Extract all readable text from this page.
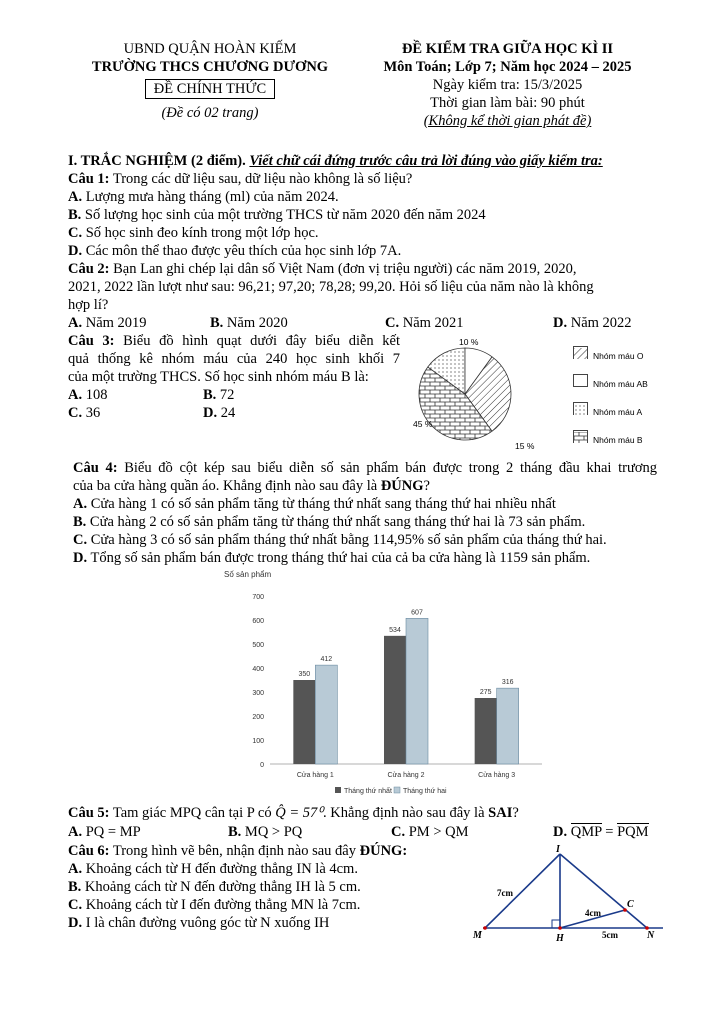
UBND QUẬN HOÀN KIẾM
TRƯỜNG THCS CHƯƠNG DƯƠNG
ĐỀ CHÍNH THỨC
(Đề có 02 trang)
ĐỀ KIỂM TRA GIỮA HỌC KÌ II
Môn Toán; Lớp 7; Năm học 2024 – 2025
Ngày kiểm tra: 15/3/2025
Thời gian làm bài: 90 phút
(Không kể thời gian phát đề)
I. TRẮC NGHIỆM (2 điểm). Viết chữ cái đứng trước câu trả lời đúng vào giấy kiểm tra:
Câu 1: Trong các dữ liệu sau, dữ liệu nào không là số liệu?
A. Lượng mưa hàng tháng (ml) của năm 2024.
B. Số lượng học sinh của một trường THCS từ năm 2020 đến năm 2024
C. Số học sinh đeo kính trong một lớp học.
D. Các môn thể thao được yêu thích của học sinh lớp 7A.
Câu 2: Bạn Lan ghi chép lại dân số Việt Nam (đơn vị triệu người) các năm 2019, 2020,
2021, 2022 lần lượt như sau: 96,21; 97,20; 78,28; 99,20. Hỏi số liệu của năm nào là không
hợp lí?
A. Năm 2019	B. Năm 2020	C. Năm 2021	D. Năm 2022
Câu 3: Biểu đồ hình quạt dưới đây biểu diễn kết
quả thống kê nhóm máu của 240 học sinh khối 7
của một trường THCS. Số học sinh nhóm máu B là:
A. 108	B. 72
C. 36	D. 24
10 %
45 %
15 %
Nhóm máu O
Nhóm máu AB
Nhóm máu A
Nhóm máu B
Câu 4: Biểu đồ cột kép sau biểu diễn số sản phẩm bán được trong 2 tháng đầu khai trương
của ba cửa hàng quần áo. Khẳng định nào sau đây là ĐÚNG?
A. Cửa hàng 1 có số sản phẩm tăng từ tháng thứ nhất sang tháng thứ hai nhiều nhất
B. Cửa hàng 2 có số sản phẩm tăng từ tháng thứ nhất sang tháng thứ hai là 73 sản phẩm.
C. Cửa hàng 3 có số sản phẩm tháng thứ nhất bằng 114,95% số sản phẩm của tháng thứ hai.
D. Tổng số sản phẩm bán được trong tháng thứ hai của cả ba cửa hàng là 1159 sản phẩm.
Số sản phẩm
0
100
200
300
400
500
600
700
Cửa hàng 1	Cửa hàng 2	Cửa hàng 3
350
412
534
607
275
316
Tháng thứ nhất Tháng thứ hai
Câu 5: Tam giác MPQ cân tại P có Q̂ = 57⁰. Khẳng định nào sau đây là SAI?
A. PQ = MP	B. MQ > PQ	C. PM > QM	D. QMP = PQM
Câu 6: Trong hình vẽ bên, nhận định nào sau đây ĐÚNG:
A. Khoảng cách từ H đến đường thẳng IN là 4cm.
B. Khoảng cách từ N đến đường thẳng IH là 5 cm.
C. Khoảng cách từ I đến đường thẳng MN là 7cm.
D. I là chân đường vuông góc từ N xuống IH
I
M	H	N
C
7cm
4cm
5cm
